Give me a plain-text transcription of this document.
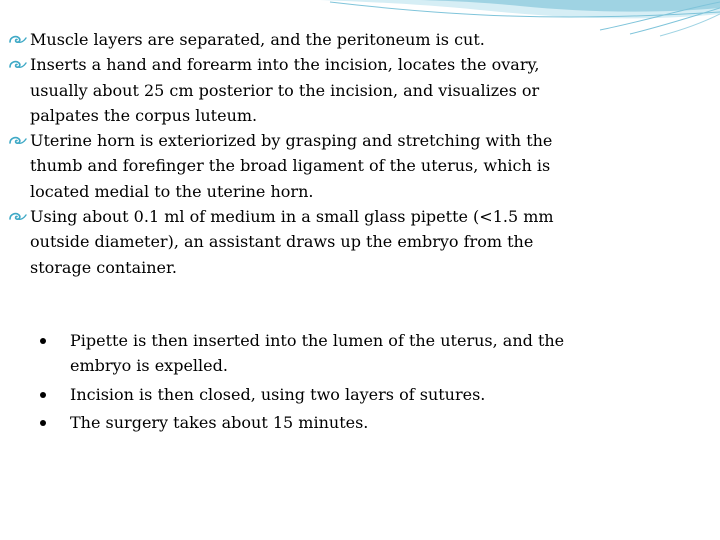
Muscle layers are separated, and the peritoneum is cut.
Inserts a hand and forearm into the incision, locates the ovary, usually about 25 cm posterior to the incision, and visualizes or palpates the corpus luteum.
Uterine horn is exteriorized by grasping and stretching with the thumb and forefinger the broad ligament of the uterus, which is located medial to the uterine horn.
Using about 0.1 ml of medium in a small glass pipette (<1.5 mm outside diameter), an assistant draws up the embryo from the storage container.
Pipette is then inserted into the lumen of the uterus, and the embryo is expelled.
Incision is then closed, using two layers of sutures.
The surgery takes about 15 minutes.
